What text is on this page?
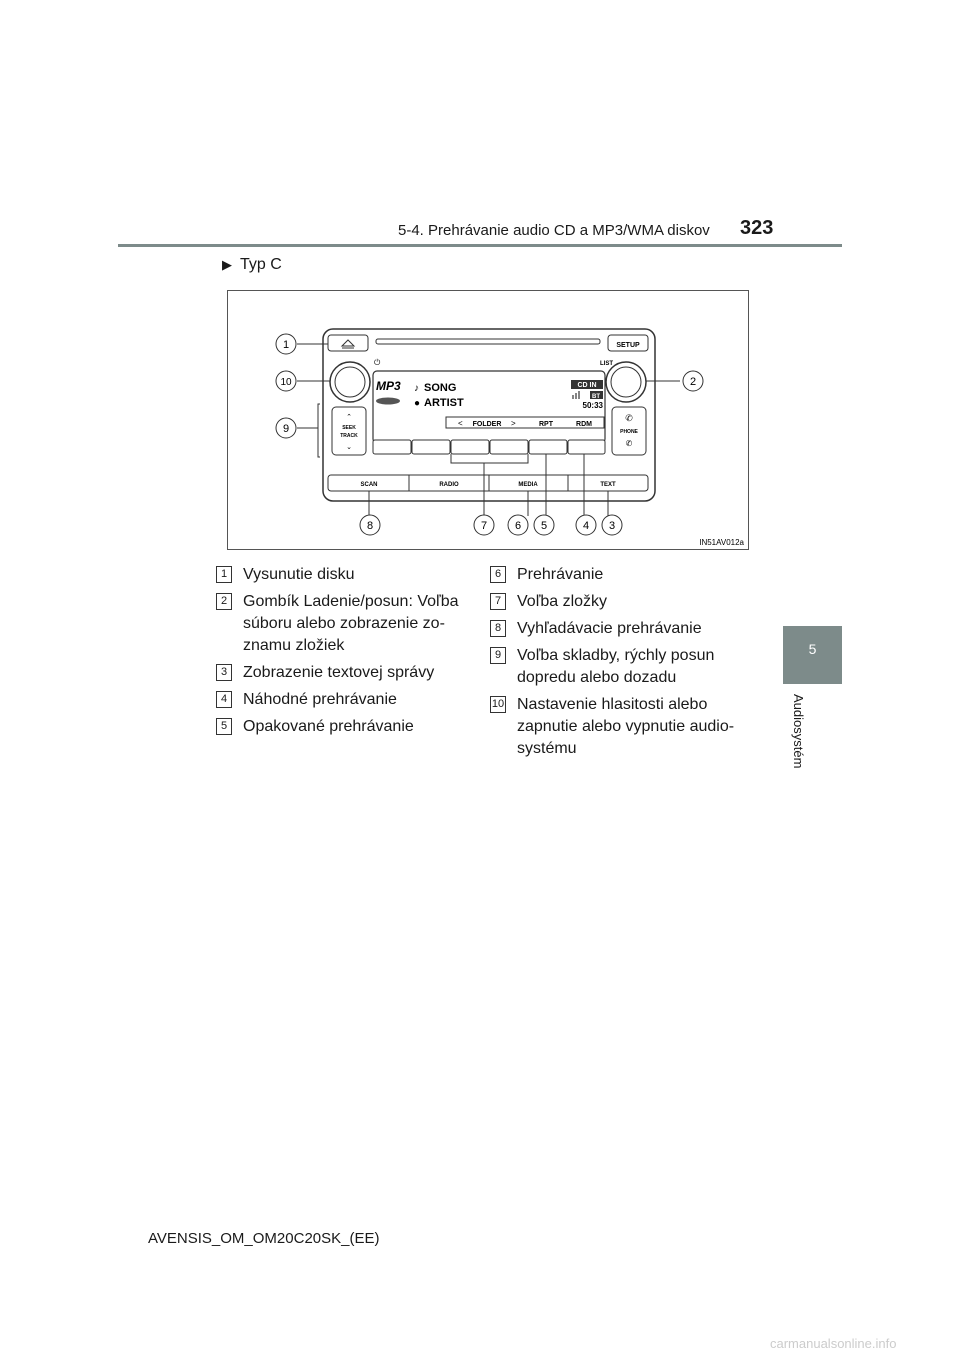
5-4. Prehrávanie audio CD a MP3/WMA diskov 323
▶ Typ C
SETUP
⏻	LIST
MP3 ♪ SONG
● ARTIST
CD IN
BT
50:33
< FOLDER >	RPT	RDM
⌃
SEEK
TRACK
⌄
✆
PHONE
✆
SCAN	RADIO	MEDIA	TEXT
1
2
3
4
5
6
7
8
9
10
IN51AV012a
1 Vysunutie disku
2 Gombík Ladenie/posun: Voľba súboru alebo zobrazenie zo-znamu zložiek
3 Zobrazenie textovej správy
4 Náhodné prehrávanie
5 Opakované prehrávanie
6 Prehrávanie
7 Voľba zložky
8 Vyhľadávacie prehrávanie
9 Voľba skladby, rýchly posun dopredu alebo dozadu
10 Nastavenie hlasitosti alebo zapnutie alebo vypnutie audio-systému
5
Audiosystém
AVENSIS_OM_OM20C20SK_(EE)
carmanualsonline.info
